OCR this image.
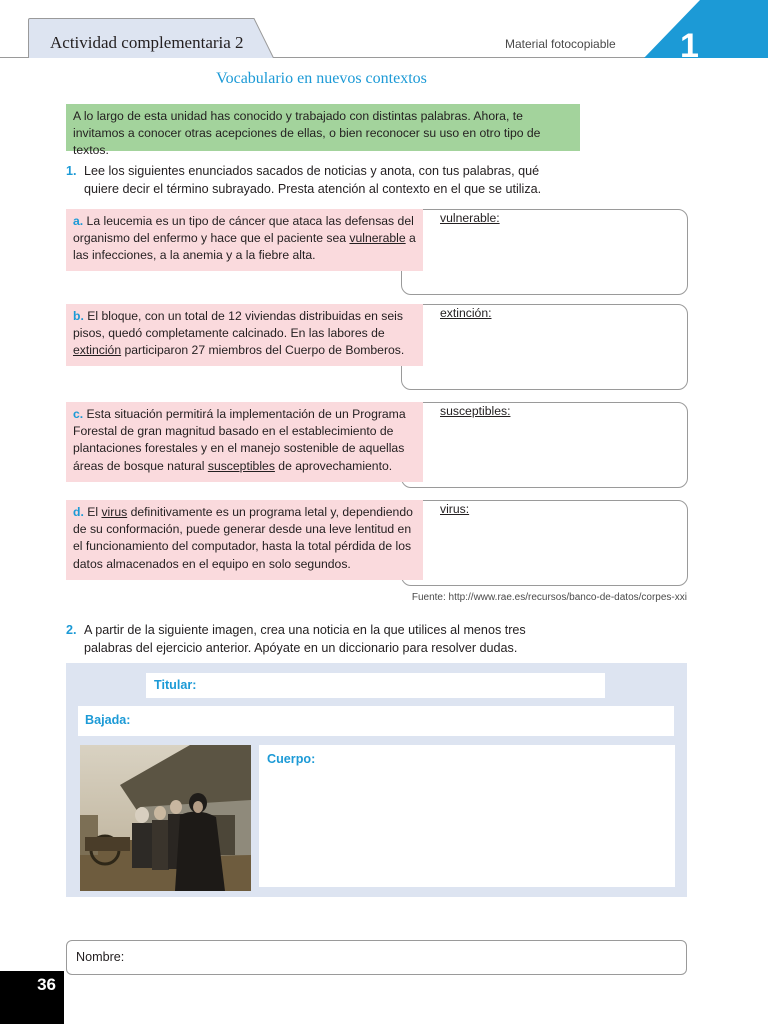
Actividad complementaria 2	Material fotocopiable 1
Vocabulario en nuevos contextos
A lo largo de esta unidad has conocido y trabajado con distintas palabras. Ahora, te invitamos a conocer otras acepciones de ellas, o bien reconocer su uso en otro tipo de textos.
1. Lee los siguientes enunciados sacados de noticias y anota, con tus palabras, qué quiere decir el término subrayado. Presta atención al contexto en el que se utiliza.
a. La leucemia es un tipo de cáncer que ataca las defensas del organismo del enfermo y hace que el paciente sea vulnerable a las infecciones, a la anemia y a la fiebre alta.
vulnerable:
b. El bloque, con un total de 12 viviendas distribuidas en seis pisos, quedó completamente calcinado. En las labores de extinción participaron 27 miembros del Cuerpo de Bomberos.
extinción:
c. Esta situación permitirá la implementación de un Programa Forestal de gran magnitud basado en el establecimiento de plantaciones forestales y en el manejo sostenible de aquellas áreas de bosque natural susceptibles de aprovechamiento.
susceptibles:
d. El virus definitivamente es un programa letal y, dependiendo de su conformación, puede generar desde una leve lentitud en el funcionamiento del computador, hasta la total pérdida de los datos almacenados en el equipo en solo segundos.
virus:
Fuente: http://www.rae.es/recursos/banco-de-datos/corpes-xxi
2. A partir de la siguiente imagen, crea una noticia en la que utilices al menos tres palabras del ejercicio anterior. Apóyate en un diccionario para resolver dudas.
Titular:
Bajada:
Cuerpo:
Nombre:
36
